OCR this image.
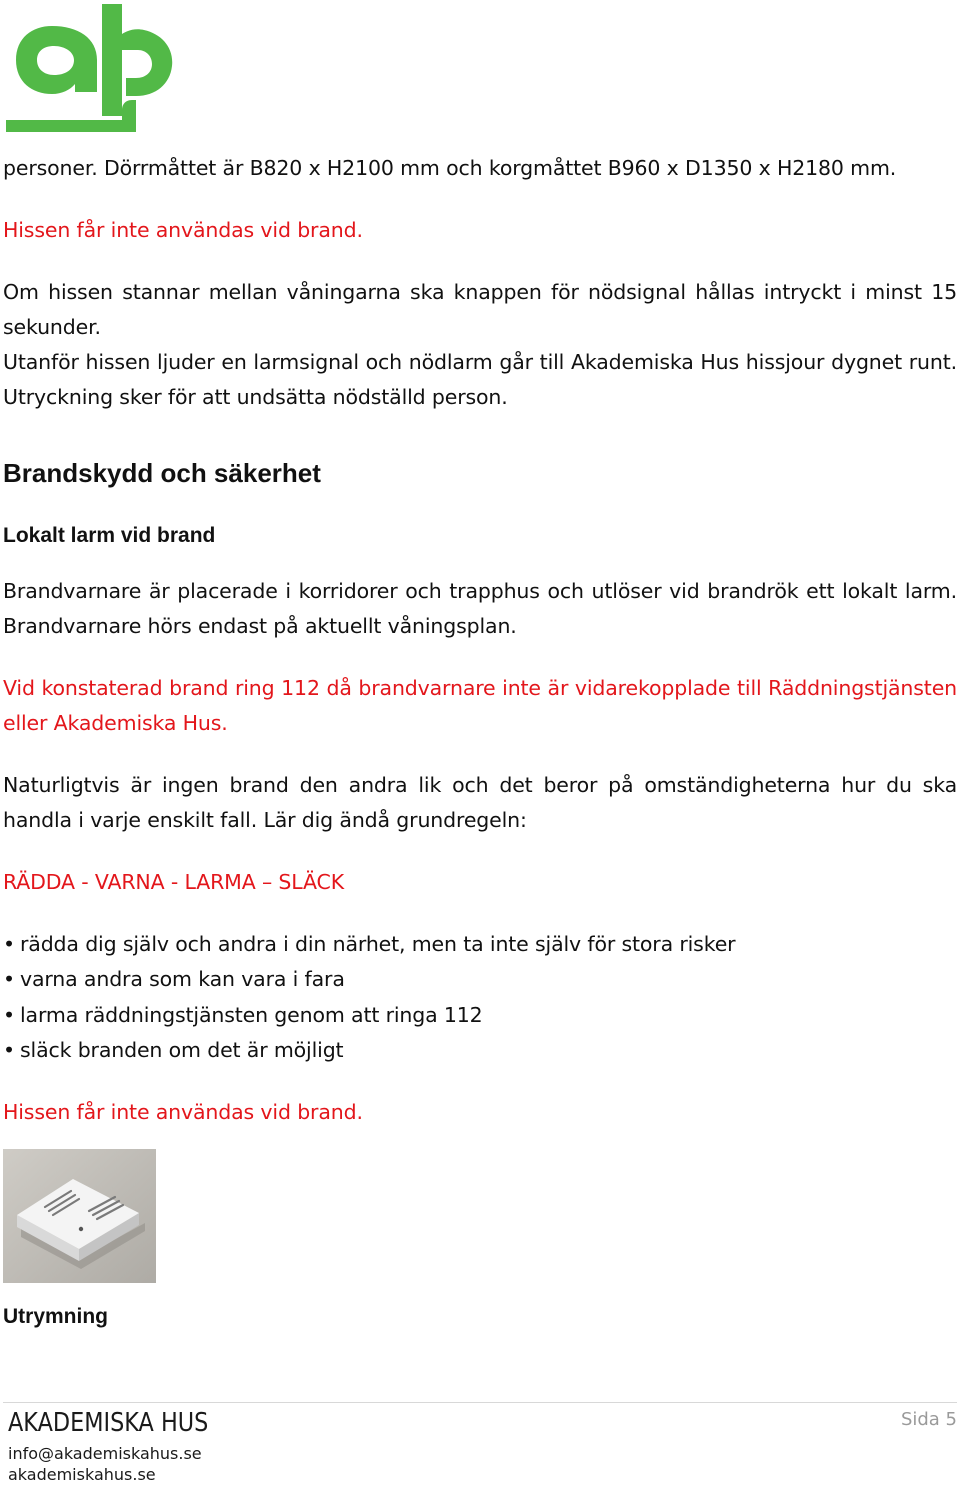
personer. Dörrmåttet är B820 x H2100 mm och korgmåttet B960 x D1350 x H2180 mm.

Hissen får inte användas vid brand.

Om hissen stannar mellan våningarna ska knappen för nödsignal hållas intryckt i minst 15 sekunder.

Utanför hissen ljuder en larmsignal och nödlarm går till Akademiska Hus hissjour dygnet runt. Utryckning sker för att undsätta nödställd person.

Brandskydd och säkerhet
Lokalt larm vid brand

Brandvarnare är placerade i korridorer och trapphus och utlöser vid brandrök ett lokalt larm. Brandvarnare hörs endast på aktuellt våningsplan.

Vid konstaterad brand ring 112 då brandvarnare inte är vidarekopplade till Räddningstjänsten eller Akademiska Hus.

Naturligtvis är ingen brand den andra lik och det beror på omständigheterna hur du ska handla i varje enskilt fall. Lär dig ändå grundregeln:

RÄDDA - VARNA - LARMA – SLÄCK

• rädda dig själv och andra i din närhet, men ta inte själv för stora risker
• varna andra som kan vara i fara
• larma räddningstjänsten genom att ringa 112
• släck branden om det är möjligt

Hissen får inte användas vid brand.

Utrymning
AKADEMISKA HUS
info@akademiskahus.se
akademiskahus.se
Sida 5
